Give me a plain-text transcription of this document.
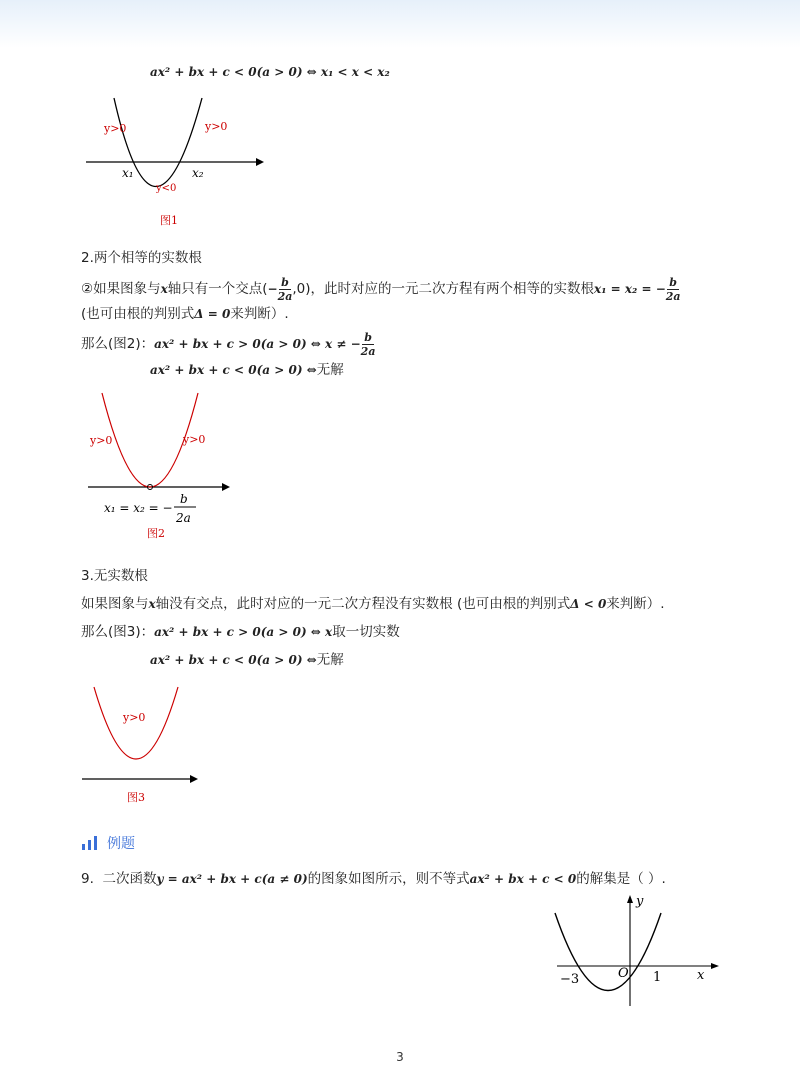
ax² + bx + c < 0(a > 0) ⇔ x₁ < x < x₂
y>0	y>0
y<0
x₁	x₂
图1
2.两个相等的实数根
②如果图象与x轴只有一个交点(− $\frac{b}{2a} ,0$)，此时对应的一元二次方程有两个相等的实数根x₁ = x₂ = − $\frac{b}{2a}$
(也可由根的判别式Δ = 0来判断）.
那么(图2)：ax² + bx + c > 0(a > 0) ⇔ x ≠ − $\frac{b}{2a}$
ax² + bx + c < 0(a > 0) ⇔无解
y>0	y>0
x₁ = x₂ = −
b
2a
图2
3.无实数根
如果图象与x轴没有交点，此时对应的一元二次方程没有实数根 (也可由根的判别式Δ < 0来判断）.
那么(图3)：ax² + bx + c > 0(a > 0) ⇔ x取一切实数
ax² + bx + c < 0(a > 0) ⇔无解
y>0
图3
例题
9. 二次函数y = ax² + bx + c(a ≠ 0)的图象如图所示，则不等式ax² + bx + c < 0的解集是（ ）.
y
x
O
−3	1
3
